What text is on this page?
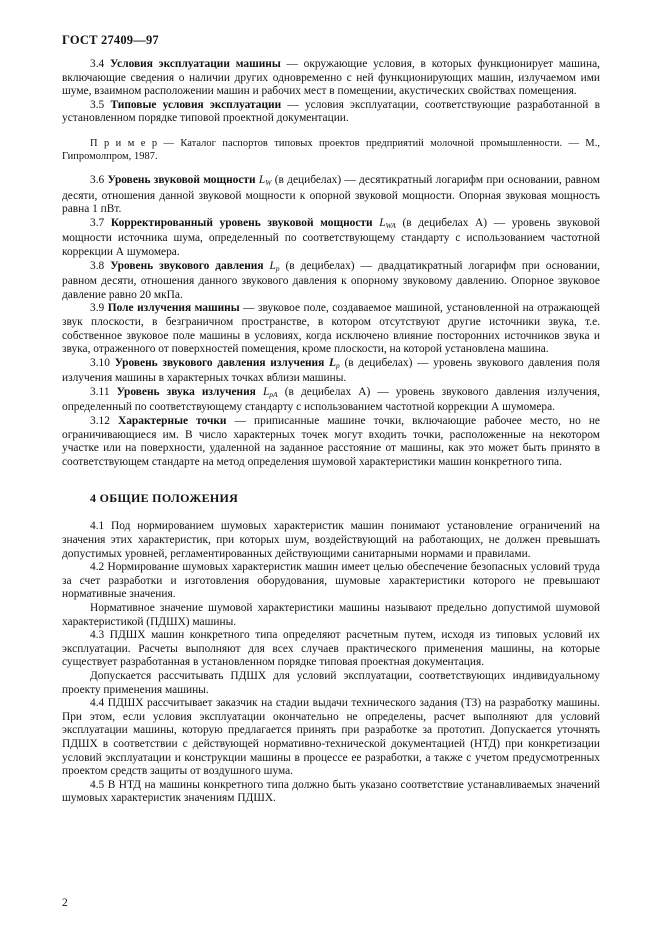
ГОСТ 27409—97

3.4 Условия эксплуатации машины — окружающие условия, в которых функционирует машина, включающие сведения о наличии других одновременно с ней функционирующих машин, излучаемом ими шуме, взаимном расположении машин и рабочих мест в помещении, акустических свойствах помещения.

3.5 Типовые условия эксплуатации — условия эксплуатации, соответствующие разработанной в установленном порядке типовой проектной документации.

П р и м е р — Каталог паспортов типовых проектов предприятий молочной промышленности. — М., Гипромолпром, 1987.

3.6 Уровень звуковой мощности $L_W$ (в децибелах) — десятикратный логарифм при основании, равном десяти, отношения данной звуковой мощности к опорной звуковой мощности. Опорная звуковая мощность равна 1 пВт.

3.7 Корректированный уровень звуковой мощности $L_{WA}$ (в децибелах А) — уровень звуковой мощности источника шума, определенный по соответствующему стандарту с использованием частотной коррекции А шумомера.

3.8 Уровень звукового давления $L_p$ (в децибелах) — двадцатикратный логарифм при основании, равном десяти, отношения данного звукового давления к опорному звуковому давлению. Опорное звуковое давление равно 20 мкПа.

3.9 Поле излучения машины — звуковое поле, создаваемое машиной, установленной на отражающей звук плоскости, в безграничном пространстве, в котором отсутствуют другие источники звука, т.е. собственное звуковое поле машины в условиях, когда исключено влияние посторонних источников звука и звука, отраженного от поверхностей помещения, кроме плоскости, на которой установлена машина.

3.10 Уровень звукового давления излучения $L_p$ (в децибелах) — уровень звукового давления поля излучения машины в характерных точках вблизи машины.

3.11 Уровень звука излучения $L_{pA}$ (в децибелах А) — уровень звукового давления излучения, определенный по соответствующему стандарту с использованием частотной коррекции А шумомера.

3.12 Характерные точки — приписанные машине точки, включающие рабочее место, но не ограничивающиеся им. В число характерных точек могут входить точки, расположенные на некотором участке или на поверхности, удаленной на заданное расстояние от машины, как это может быть принято в соответствующем стандарте на метод определения шумовой характеристики машин конкретного типа.

4 ОБЩИЕ ПОЛОЖЕНИЯ

4.1 Под нормированием шумовых характеристик машин понимают установление ограничений на значения этих характеристик, при которых шум, воздействующий на работающих, не должен превышать допустимых уровней, регламентированных действующими санитарными нормами и правилами.

4.2 Нормирование шумовых характеристик машин имеет целью обеспечение безопасных условий труда за счет разработки и изготовления оборудования, шумовые характеристики которого не превышают нормативные значения.

Нормативное значение шумовой характеристики машины называют предельно допустимой шумовой характеристикой (ПДШХ) машины.

4.3 ПДШХ машин конкретного типа определяют расчетным путем, исходя из типовых условий их эксплуатации. Расчеты выполняют для всех случаев практического применения машины, на которые существует разработанная в установленном порядке типовая проектная документация.

Допускается рассчитывать ПДШХ для условий эксплуатации, соответствующих индивидуальному проекту применения машины.

4.4 ПДШХ рассчитывает заказчик на стадии выдачи технического задания (ТЗ) на разработку машины. При этом, если условия эксплуатации окончательно не определены, расчет выполняют для условий эксплуатации машины, которую предлагается принять при разработке за прототип. Допускается уточнять ПДШХ в соответствии с действующей нормативно-технической документацией (НТД) при конкретизации условий эксплуатации и конструкции машины в процессе ее разработки, а также с учетом предусмотренных проектом средств защиты от воздушного шума.

4.5 В НТД на машины конкретного типа должно быть указано соответствие устанавливаемых значений шумовых характеристик значениям ПДШХ.

2
